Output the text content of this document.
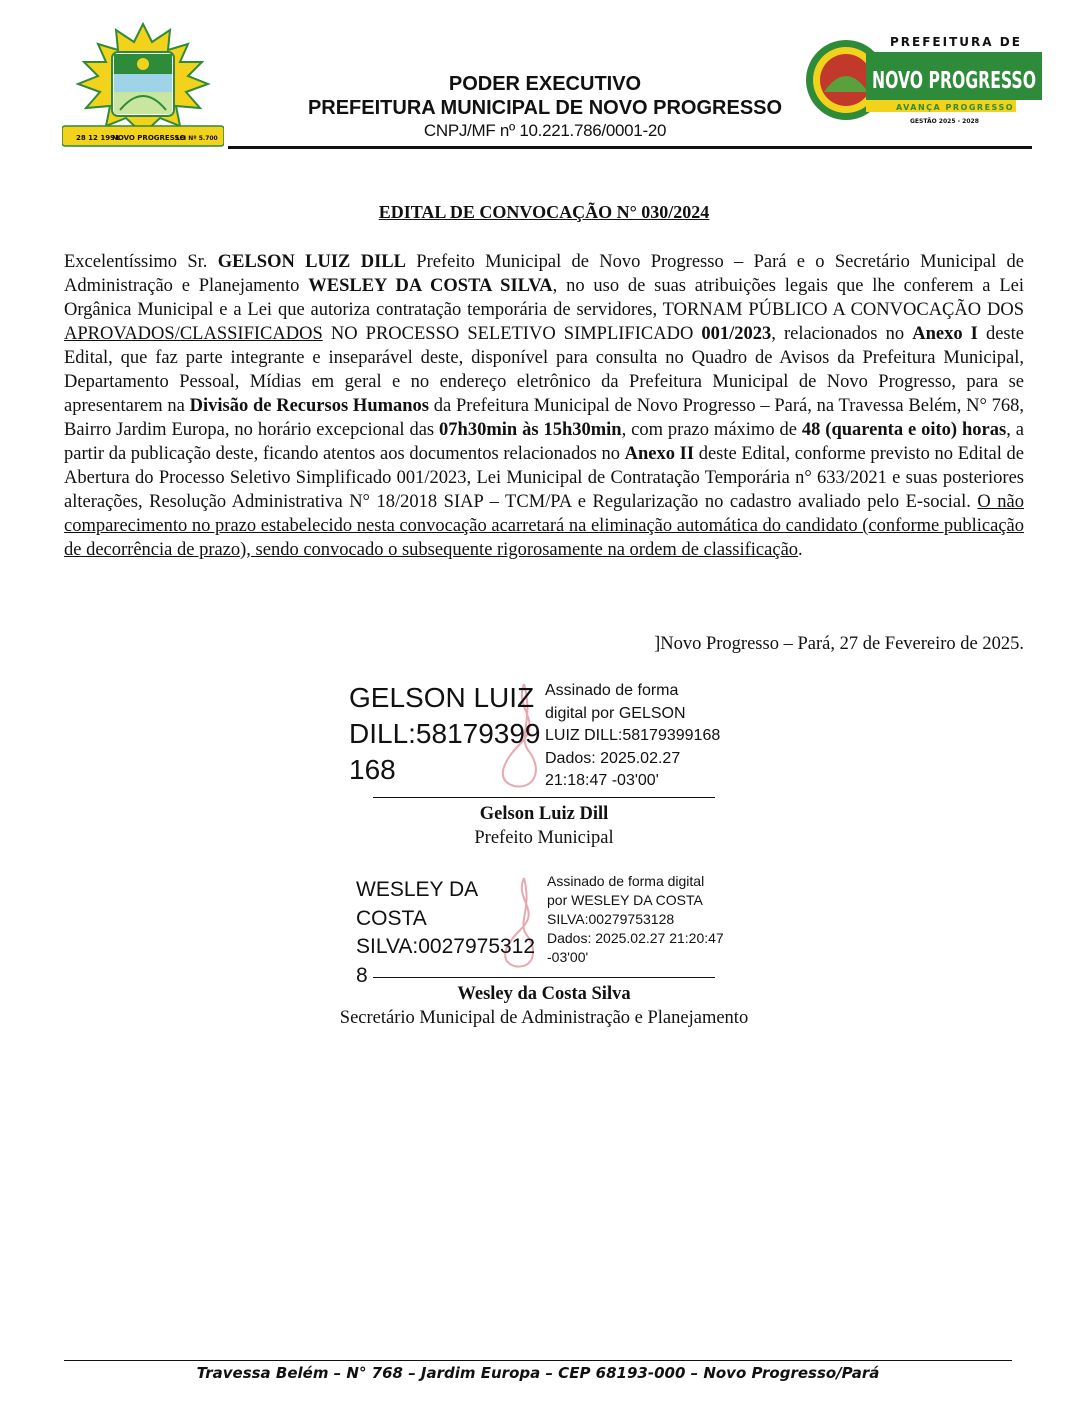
28 12 1991
NOVO PROGRESSO
LEI Nº 5.700
PODER EXECUTIVO
PREFEITURA MUNICIPAL DE NOVO PROGRESSO
CNPJ/MF nº 10.221.786/0001-20
PREFEITURA DE
NOVO PROGRESSO
AVANÇA PROGRESSO
GESTÃO 2025 - 2028
EDITAL DE CONVOCAÇÃO N° 030/2024
Excelentíssimo Sr. GELSON LUIZ DILL Prefeito Municipal de Novo Progresso – Pará e o Secretário Municipal de Administração e Planejamento WESLEY DA COSTA SILVA, no uso de suas atribuições legais que lhe conferem a Lei Orgânica Municipal e a Lei que autoriza contratação temporária de servidores, TORNAM PÚBLICO A CONVOCAÇÃO DOS APROVADOS/CLASSIFICADOS NO PROCESSO SELETIVO SIMPLIFICADO 001/2023, relacionados no Anexo I deste Edital, que faz parte integrante e inseparável deste, disponível para consulta no Quadro de Avisos da Prefeitura Municipal, Departamento Pessoal, Mídias em geral e no endereço eletrônico da Prefeitura Municipal de Novo Progresso, para se apresentarem na Divisão de Recursos Humanos da Prefeitura Municipal de Novo Progresso – Pará, na Travessa Belém, N° 768, Bairro Jardim Europa, no horário excepcional das 07h30min às 15h30min, com prazo máximo de 48 (quarenta e oito) horas, a partir da publicação deste, ficando atentos aos documentos relacionados no Anexo II deste Edital, conforme previsto no Edital de Abertura do Processo Seletivo Simplificado 001/2023, Lei Municipal de Contratação Temporária n° 633/2021 e suas posteriores alterações, Resolução Administrativa N° 18/2018 SIAP – TCM/PA e Regularização no cadastro avaliado pelo E-social. O não comparecimento no prazo estabelecido nesta convocação acarretará na eliminação automática do candidato (conforme publicação de decorrência de prazo), sendo convocado o subsequente rigorosamente na ordem de classificação.
]Novo Progresso – Pará, 27 de Fevereiro de 2025.
GELSON LUIZ
DILL:58179399
168
Assinado de forma
digital por GELSON
LUIZ DILL:58179399168
Dados: 2025.02.27
21:18:47 -03'00'
Gelson Luiz Dill
Prefeito Municipal
WESLEY DA COSTA
SILVA:0027975312
8
Assinado de forma digital
por WESLEY DA COSTA
SILVA:00279753128
Dados: 2025.02.27 21:20:47
-03'00'
Wesley da Costa Silva
Secretário Municipal de Administração e Planejamento
Travessa Belém – N° 768 – Jardim Europa – CEP 68193-000 – Novo Progresso/Pará
